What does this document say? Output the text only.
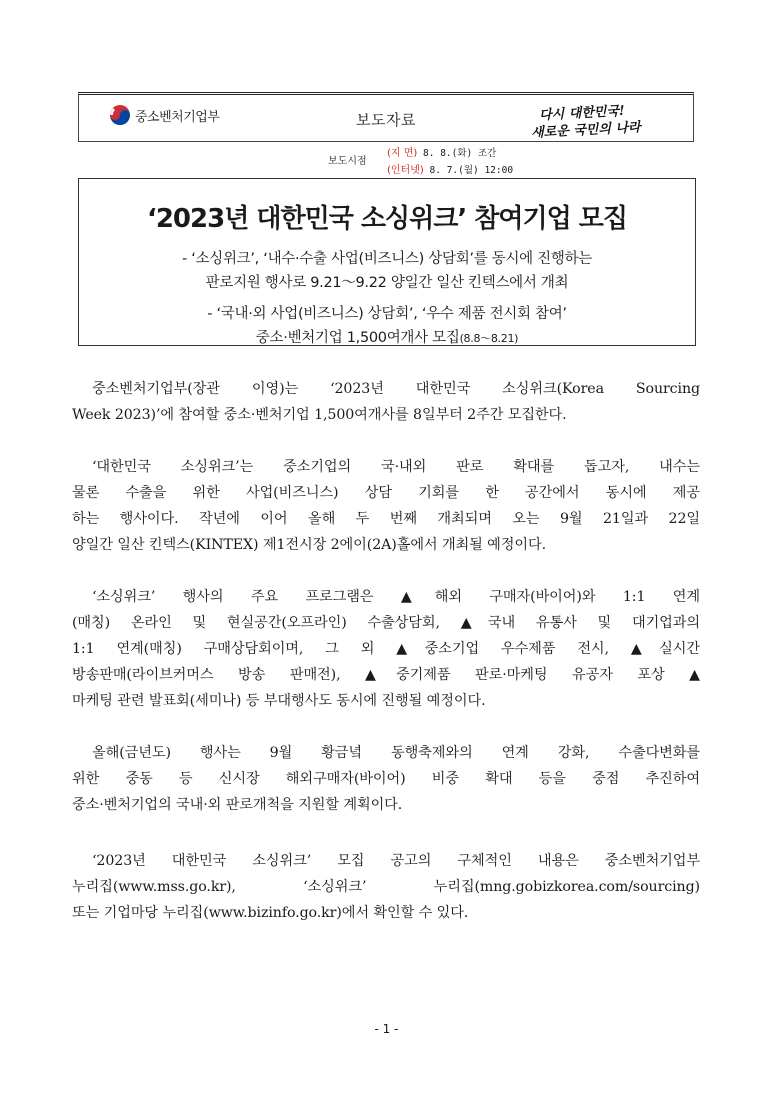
중소벤처기업부	보도자료	다시 대한민국!
새로운 국민의 나라
보도시점
(지 면) 8. 8.(화) 조간
(인터넷) 8. 7.(월) 12:00
‘2023년 대한민국 소싱위크’ 참여기업 모집
- ‘소싱위크’, ‘내수·수출 사업(비즈니스) 상담회’를 동시에 진행하는
판로지원 행사로 9.21～9.22 양일간 일산 킨텍스에서 개최
- ‘국내·외 사업(비즈니스) 상담회’, ‘우수 제품 전시회 참여’
중소·벤처기업 1,500여개사 모집(8.8～8.21)
중소벤처기업부(장관 이영)는 ‘2023년 대한민국 소싱위크(Korea Sourcing
Week 2023)’에 참여할 중소·벤처기업 1,500여개사를 8일부터 2주간 모집한다.
‘대한민국 소싱위크’는 중소기업의 국·내외 판로 확대를 돕고자, 내수는
물론 수출을 위한 사업(비즈니스) 상담 기회를 한 공간에서 동시에 제공
하는 행사이다. 작년에 이어 올해 두 번째 개최되며 오는 9월 21일과 22일
양일간 일산 킨텍스(KINTEX) 제1전시장 2에이(2A)홀에서 개최될 예정이다.
‘소싱위크’ 행사의 주요 프로그램은 ▲해외 구매자(바이어)와 1:1 연계
(매칭) 온라인 및 현실공간(오프라인) 수출상담회, ▲국내 유통사 및 대기업과의
1:1 연계(매칭) 구매상담회이며, 그 외 ▲중소기업 우수제품 전시, ▲실시간
방송판매(라이브커머스 방송 판매전), ▲중기제품 판로·마케팅 유공자 포상 ▲
마케팅 관련 발표회(세미나) 등 부대행사도 동시에 진행될 예정이다.
올해(금년도) 행사는 9월 황금녘 동행축제와의 연계 강화, 수출다변화를
위한 중동 등 신시장 해외구매자(바이어) 비중 확대 등을 중점 추진하여
중소·벤처기업의 국내·외 판로개척을 지원할 계획이다.
‘2023년 대한민국 소싱위크’ 모집 공고의 구체적인 내용은 중소벤처기업부
누리집(www.mss.go.kr), ‘소싱위크’ 누리집(mng.gobizkorea.com/sourcing)
또는 기업마당 누리집(www.bizinfo.go.kr)에서 확인할 수 있다.
- 1 -
